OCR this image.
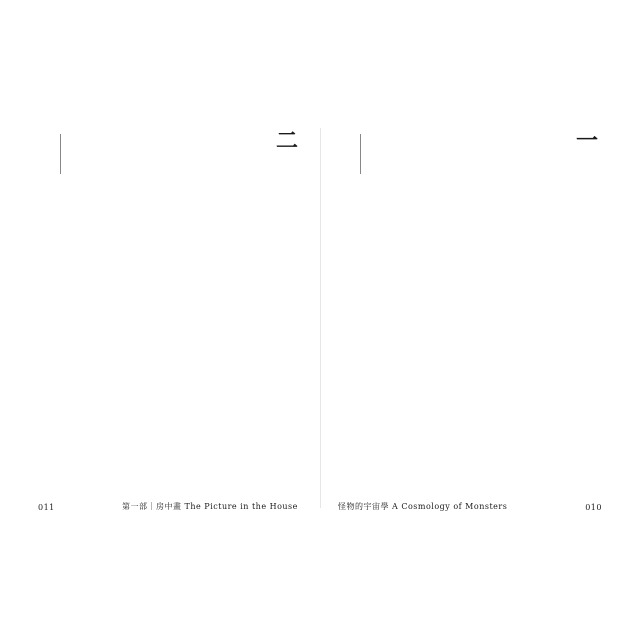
二
011	第一部｜房中畫 The Picture in the House
一
怪物的宇宙學 A Cosmology of Monsters	010
